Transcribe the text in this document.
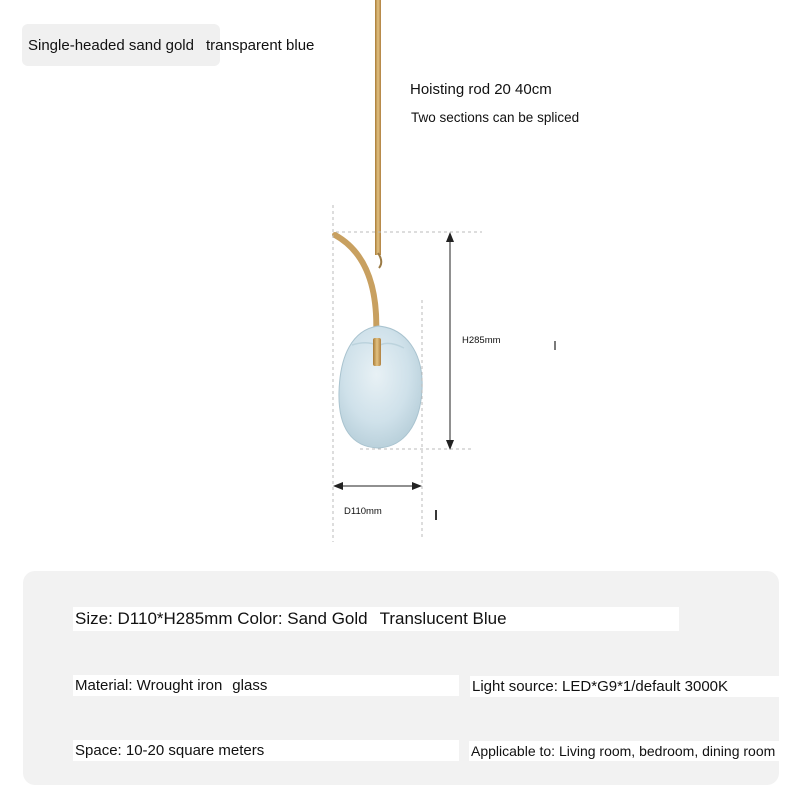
Single-headed sand gold transparent blue
Hoisting rod 20 40cm
Two sections can be spliced
H285mm
D110mm
Size: D110*H285mm Color: Sand Gold Translucent Blue
Material: Wrought iron glass	Light source: LED*G9*1/default 3000K
Space: 10-20 square meters	Applicable to: Living room, bedroom, dining room
